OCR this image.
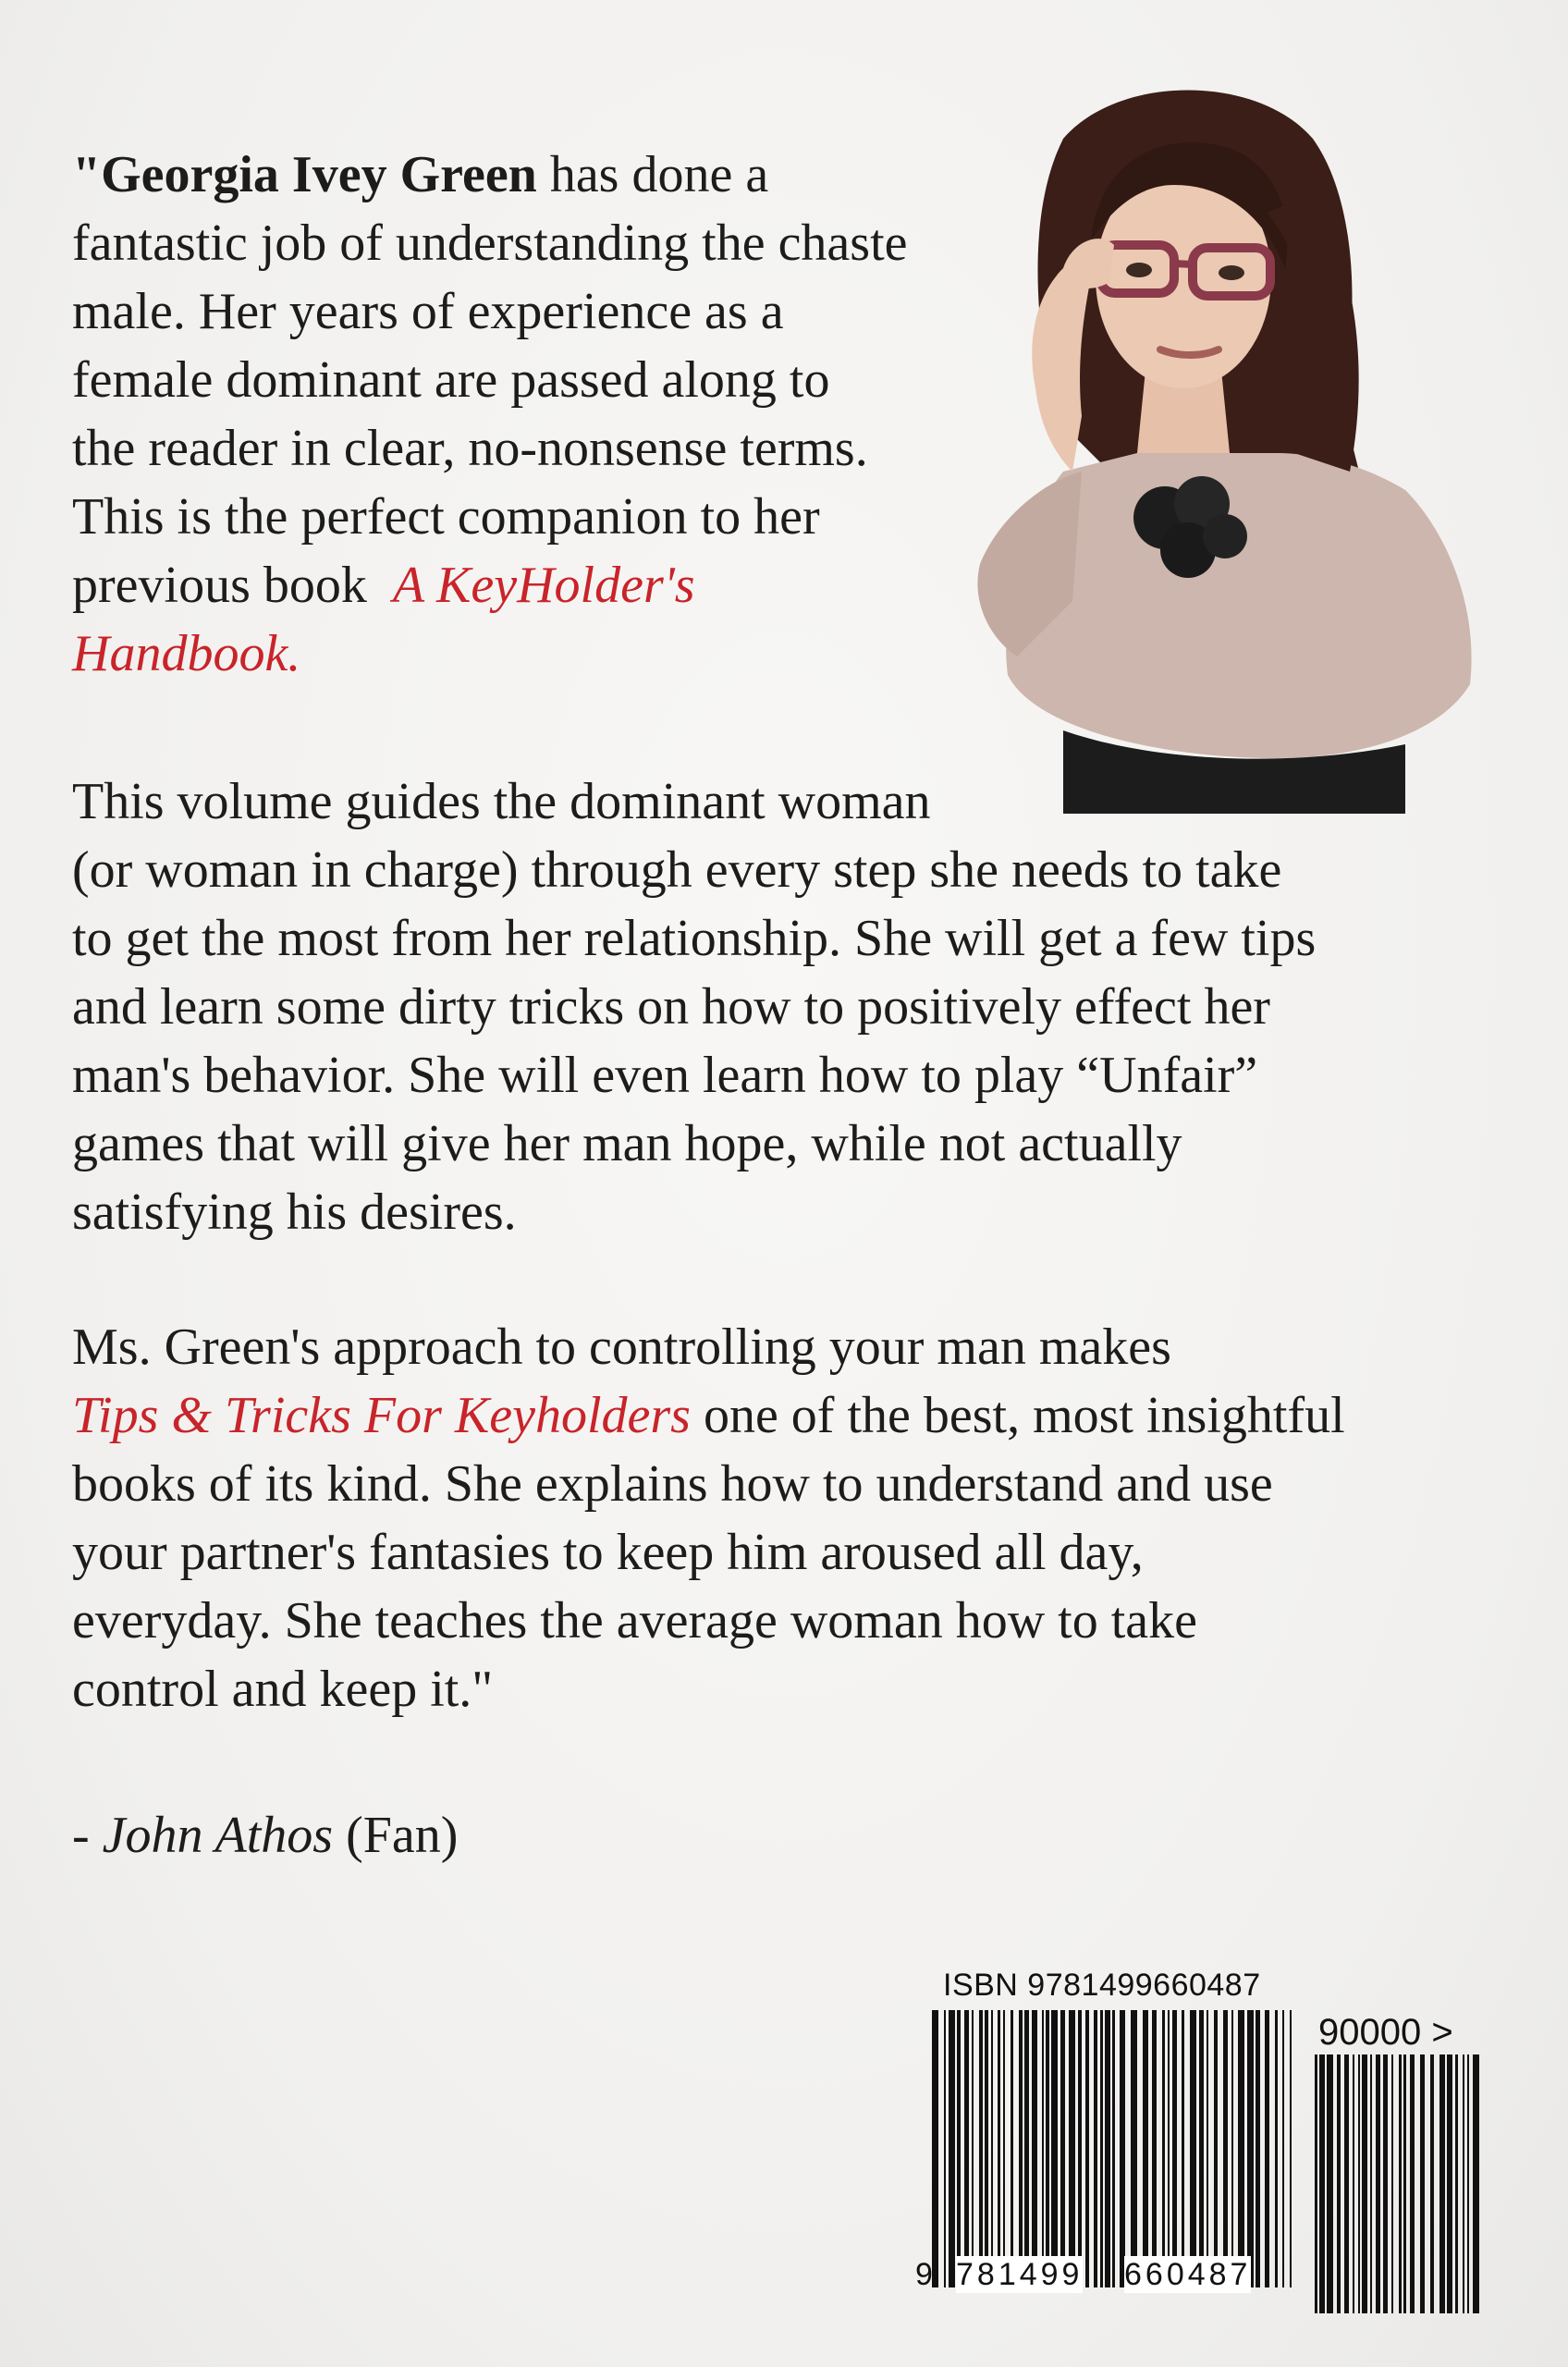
"Georgia Ivey Green has done a
fantastic job of understanding the chaste
male. Her years of experience as a
female dominant are passed along to
the reader in clear, no-nonsense terms.
This is the perfect companion to her
previous book  A KeyHolder's
Handbook.
This volume guides the dominant woman
(or woman in charge) through every step she needs to take
to get the most from her relationship. She will get a few tips
and learn some dirty tricks on how to positively effect her
man's behavior. She will even learn how to play “Unfair”
games that will give her man hope, while not actually
satisfying his desires.
Ms. Green's approach to controlling your man makes
Tips & Tricks For Keyholders one of the best, most insightful
books of its kind. She explains how to understand and use
your partner's fantasies to keep him aroused all day,
everyday. She teaches the average woman how to take
control and keep it."
- John Athos (Fan)
ISBN 9781499660487
90000 >
9 781499 660487
